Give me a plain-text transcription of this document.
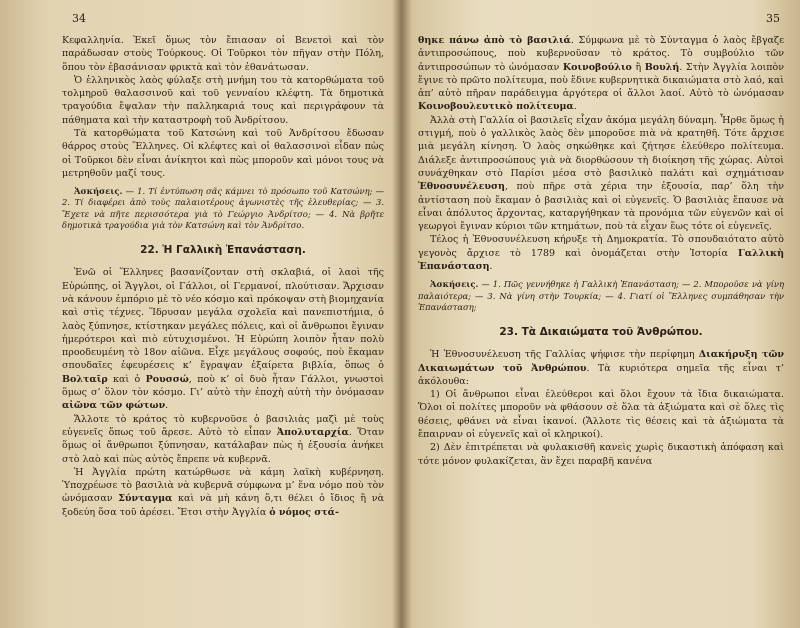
34

Κεφαλληνία. Ἐκεῖ ὅμως τὸν ἔπιασαν οἱ Βενετοὶ καὶ τὸν παράδωσαν στοὺς Τούρκους. Οἱ Τοῦρκοι τὸν πῆγαν στὴν Πόλη, ὅπου τὸν ἐβασάνισαν φρικτὰ καὶ τὸν ἐθανάτωσαν.

Ὁ ἑλληνικὸς λαὸς φύλαξε στὴ μνήμη του τὰ κατορθώματα τοῦ τολμηροῦ θαλασσινοῦ καὶ τοῦ γενναίου κλέφτη. Τὰ δημοτικὰ τραγούδια ἔψαλαν τὴν παλληκαριά τους καὶ περιγράφουν τὰ πάθηματα καὶ τὴν καταστροφὴ τοῦ Ἀνδρίτσου.

Τὰ κατορθώματα τοῦ Κατσώνη καὶ τοῦ Ἀνδρίτσου ἔδωσαν θάρρος στοὺς Ἕλληνες. Οἱ κλέφτες καὶ οἱ θαλασσινοὶ εἶδαν πὼς οἱ Τοῦρκοι δὲν εἶναι ἀνίκητοι καὶ πὼς μποροῦν καὶ μόνοι τους νὰ μετρηθοῦν μαζί τους.

Ἀσκήσεις. — 1. Τί ἐντύπωση σᾶς κάμνει τὸ πρόσωπο τοῦ Κατσώνη; — 2. Τί διαφέρει ἀπὸ τοὺς παλαιοτέρους ἀγωνιστὲς τῆς ἐλευθερίας; — 3. Ἔχετε νὰ πῆτε περισσότερα γιὰ τὸ Γεώργιο Ἀνδρίτσο; — 4. Νὰ βρῆτε δημοτικὰ τραγούδια γιὰ τὸν Κατσώνη καὶ τὸν Ἀνδρίτσο.

22. Ἡ Γαλλικὴ Ἐπανάσταση.

Ἐνῶ οἱ Ἕλληνες βασανίζονταν στὴ σκλαβιά, οἱ λαοὶ τῆς Εὐρώπης, οἱ Ἄγγλοι, οἱ Γάλλοι, οἱ Γερμανοί, πλούτισαν. Ἄρχισαν νὰ κάνουν ἐμπόριο μὲ τὸ νέο κόσμο καὶ πρόκοψαν στὴ βιομηχανία καὶ στὶς τέχνες. Ἵδρυσαν μεγάλα σχολεῖα καὶ πανεπιστήμια, ὁ λαὸς ξύπνησε, κτίστηκαν μεγάλες πόλεις, καὶ οἱ ἄνθρωποι ἔγιναν ἡμερότεροι καὶ πιὸ εὐτυχισμένοι. Ἡ Εὐρώπη λοιπὸν ἦταν πολὺ προοδευμένη τὸ 18ον αἰῶνα. Εἶχε μεγάλους σοφούς, ποὺ ἔκαμαν σπουδαῖες ἐφευρέσεις κ’ ἔγραψαν ἐξαίρετα βιβλία, ὅπως ὁ Βολταῖρ καὶ ὁ Ρουσσώ, ποὺ κ’ οἱ δυὸ ἦταν Γάλλοι, γνωστοὶ ὅμως σ’ ὅλον τὸν κόσμο. Γι’ αὐτὸ τὴν ἐποχὴ αὐτὴ τὴν ὀνόμασαν αἰῶνα τῶν φώτων.

Ἄλλοτε τὸ κράτος τὸ κυβερνοῦσε ὁ βασιλιὰς μαζὶ μὲ τοὺς εὐγενεῖς ὅπως τοῦ ἄρεσε. Αὐτὸ τὸ εἶπαν Ἀπολυταρχία. Ὅταν ὅμως οἱ ἄνθρωποι ξύπνησαν, κατάλαβαν πὼς ἡ ἐξουσία ἀνήκει στὸ λαὸ καὶ πὼς αὐτὸς ἔπρεπε νὰ κυβερνᾶ.

Ἡ Ἀγγλία πρώτη κατώρθωσε νὰ κάμη λαϊκὴ κυβέρνηση. Ὑποχρέωσε τὸ βασιλιὰ νὰ κυβερνᾶ σύμφωνα μ’ ἕνα νόμο ποὺ τὸν ὠνόμασαν Σύνταγμα καὶ νὰ μὴ κάνη ὅ,τι θέλει ὁ ἴδιος ἢ νὰ ξοδεύη ὅσα τοῦ ἀρέσει. Ἔτσι στὴν Ἀγγλία ὁ νόμος στά-

35

θηκε πάνω ἀπὸ τὸ βασιλιά. Σύμφωνα μὲ τὸ Σύνταγμα ὁ λαὸς ἔβγαζε ἀντιπροσώπους, ποὺ κυβερνοῦσαν τὸ κράτος. Τὸ συμβούλιο τῶν ἀντιπροσώπων τὸ ὠνόμασαν Κοινοβούλιο ἢ Βουλή. Στὴν Ἀγγλία λοιπὸν ἔγινε τὸ πρῶτο πολίτευμα, ποὺ ἔδινε κυβερνητικὰ δικαιώματα στὸ λαό, καὶ ἀπ’ αὐτὸ πῆραν παράδειγμα ἀργότερα οἱ ἄλλοι λαοί. Αὐτὸ τὸ ὠνόμασαν Κοινοβουλευτικὸ πολίτευμα.

Ἀλλὰ στὴ Γαλλία οἱ βασιλεῖς εἶχαν ἀκόμα μεγάλη δύναμη. Ἦρθε ὅμως ἡ στιγμή, ποὺ ὁ γαλλικὸς λαὸς δὲν μποροῦσε πιὰ νὰ κρατηθῆ. Τότε ἄρχισε μιὰ μεγάλη κίνηση. Ὁ λαὸς σηκώθηκε καὶ ζήτησε ἐλεύθερο πολίτευμα. Διάλεξε ἀντιπροσώπους γιὰ νὰ διορθώσουν τὴ διοίκηση τῆς χώρας. Αὐτοὶ συνάχθηκαν στὸ Παρίσι μέσα στὸ βασιλικὸ παλάτι καὶ σχημάτισαν Ἐθνοσυνέλευση, ποὺ πῆρε στὰ χέρια την ἐξουσία, παρ’ ὅλη τὴν ἀντίσταση ποὺ ἔκαμαν ὁ βασιλιὰς καὶ οἱ εὐγενεῖς. Ὁ βασιλιὰς ἔπαυσε νὰ εἶναι ἀπόλυτος ἄρχοντας, καταργήθηκαν τὰ προνόμια τῶν εὐγενῶν καὶ οἱ γεωργοὶ ἔγιναν κύριοι τῶν κτημάτων, ποὺ τὰ εἶχαν ἕως τότε οἱ εὐγενεῖς.

Τέλος ἡ Ἐθνοσυνέλευση κήρυξε τὴ Δημοκρατία. Τὸ σπουδαιότατο αὐτὸ γεγονὸς ἄρχισε τὸ 1789 καὶ ὀνομάζεται στὴν Ἱστορία Γαλλικὴ Ἐπανάσταση.

Ἀσκήσεις. — 1. Πῶς γεννήθηκε ἡ Γαλλικὴ Ἐπανάσταση; — 2. Μποροῦσε νὰ γίνη παλαιότερα; — 3. Νὰ γίνη στὴν Τουρκία; — 4. Γιατί οἱ Ἕλληνες συμπάθησαν τὴν Ἐπανάσταση;

23. Τὰ Δικαιώματα τοῦ Ἀνθρώπου.

Ἡ Ἐθνοσυνέλευση τῆς Γαλλίας ψήφισε τὴν περίφημη Διακήρυξη τῶν Δικαιωμάτων τοῦ Ἀνθρώπου. Τὰ κυριότερα σημεῖα τῆς εἶναι τ’ ἀκόλουθα:

1) Οἱ ἄνθρωποι εἶναι ἐλεύθεροι καὶ ὅλοι ἔχουν τὰ ἴδια δικαιώματα. Ὅλοι οἱ πολίτες μποροῦν νὰ φθάσουν σὲ ὅλα τὰ ἀξιώματα καὶ σὲ ὅλες τὶς θέσεις, φθάνει νὰ εἶναι ἱκανοί. (Ἄλλοτε τὶς θέσεις καὶ τὰ ἀξιώματα τὰ ἔπαιρναν οἱ εὐγενεῖς καὶ οἱ κληρικοί).

2) Δὲν ἐπιτρέπεται νὰ φυλακισθῆ κανεὶς χωρὶς δικαστικὴ ἀπόφαση καὶ τότε μόνον φυλακίζεται, ἂν ἔχει παραβῆ κανένα
